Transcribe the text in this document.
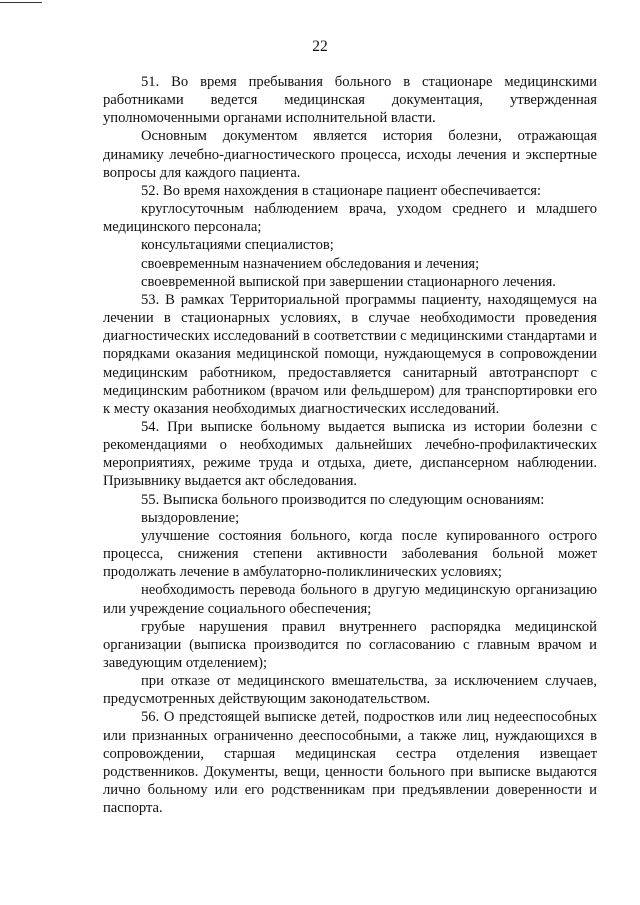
22

51. Во время пребывания больного в стационаре медицинскими работниками ведется медицинская документация, утвержденная уполномоченными органами исполнительной власти.

Основным документом является история болезни, отражающая динамику лечебно-диагностического процесса, исходы лечения и экспертные вопросы для каждого пациента.

52. Во время нахождения в стационаре пациент обеспечивается:

круглосуточным наблюдением врача, уходом среднего и младшего медицинского персонала;

консультациями специалистов;

своевременным назначением обследования и лечения;

своевременной выпиской при завершении стационарного лечения.

53. В рамках Территориальной программы пациенту, находящемуся на лечении в стационарных условиях, в случае необходимости проведения диагностических исследований в соответствии с медицинскими стандартами и порядками оказания медицинской помощи, нуждающемуся в сопровождении медицинским работником, предоставляется санитарный автотранспорт с медицинским работником (врачом или фельдшером) для транспортировки его к месту оказания необходимых диагностических исследований.

54. При выписке больному выдается выписка из истории болезни с рекомендациями о необходимых дальнейших лечебно-профилактических мероприятиях, режиме труда и отдыха, диете, диспансерном наблюдении. Призывнику выдается акт обследования.

55. Выписка больного производится по следующим основаниям:

выздоровление;

улучшение состояния больного, когда после купированного острого процесса, снижения степени активности заболевания больной может продолжать лечение в амбулаторно-поликлинических условиях;

необходимость перевода больного в другую медицинскую организацию или учреждение социального обеспечения;

грубые нарушения правил внутреннего распорядка медицинской организации (выписка производится по согласованию с главным врачом и заведующим отделением);

при отказе от медицинского вмешательства, за исключением случаев, предусмотренных действующим законодательством.

56. О предстоящей выписке детей, подростков или лиц недееспособных или признанных ограниченно дееспособными, а также лиц, нуждающихся в сопровождении, старшая медицинская сестра отделения извещает родственников. Документы, вещи, ценности больного при выписке выдаются лично больному или его родственникам при предъявлении доверенности и паспорта.
